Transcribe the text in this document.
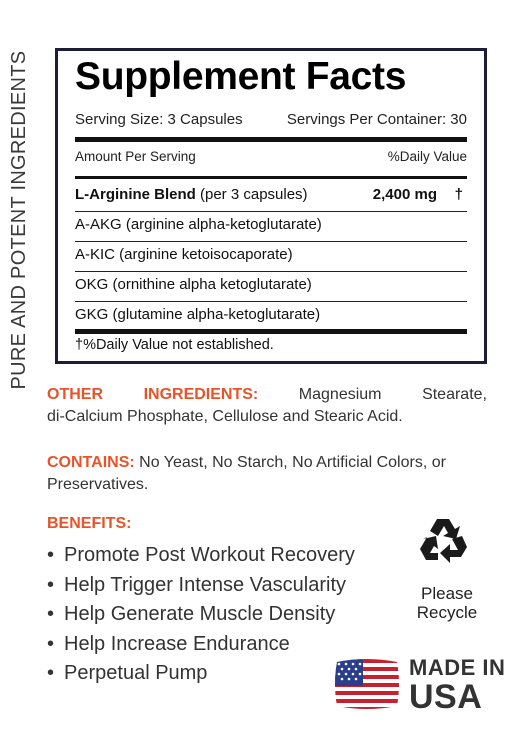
PURE AND POTENT INGREDIENTS Supplement Facts
Serving Size: 3 Capsules	Servings Per Container: 30
Amount Per Serving	%Daily Value
L-Arginine Blend (per 3 capsules)	2,400 mg †
A-AKG (arginine alpha-ketoglutarate)
A-KIC (arginine ketoisocaporate)
OKG (ornithine alpha ketoglutarate)
GKG (glutamine alpha-ketoglutarate)
†%Daily Value not established.
OTHER	INGREDIENTS:	Magnesium	Stearate,
di-Calcium Phosphate, Cellulose and Stearic Acid.
CONTAINS: No Yeast, No Starch, No Artificial Colors, or
Preservatives.
BENEFITS:
• Promote Post Workout Recovery
• Help Trigger Intense Vascularity
• Help Generate Muscle Density
• Help Increase Endurance
• Perpetual Pump
Please
Recycle
MADE IN
USA
